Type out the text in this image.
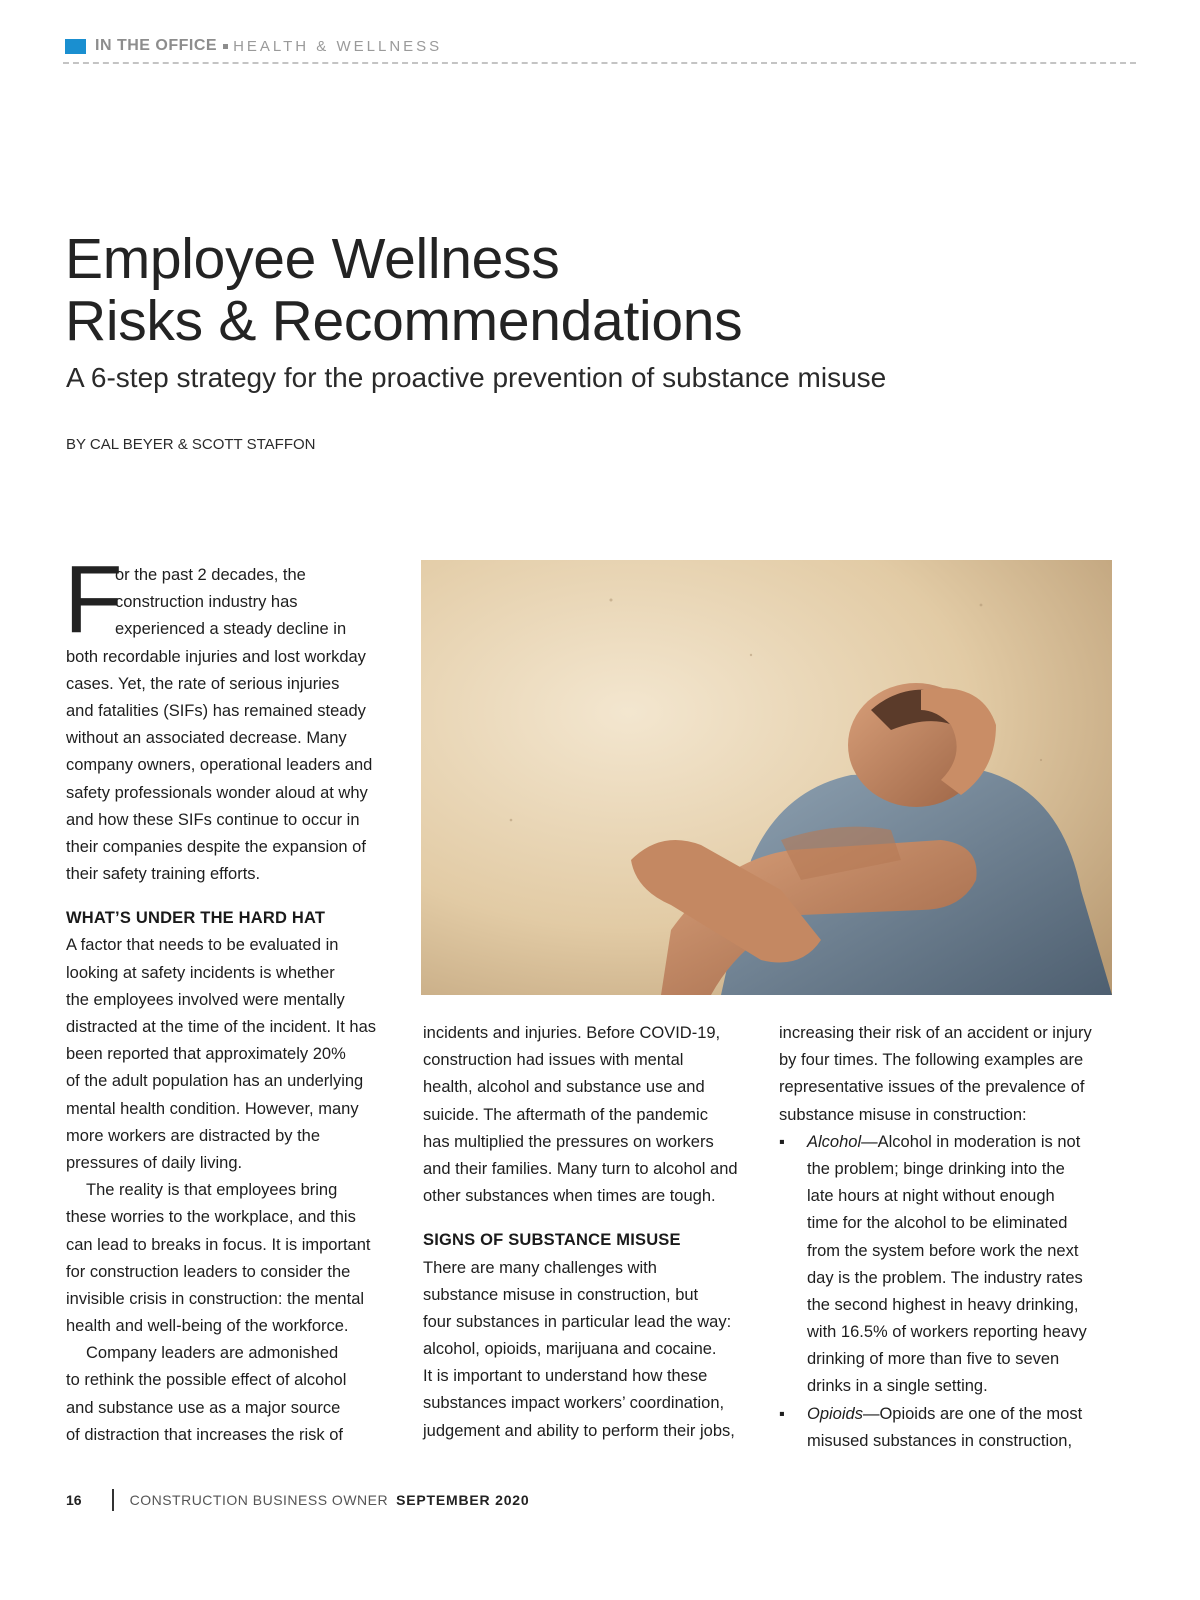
IN THE OFFICE HEALTH & WELLNESS
Employee Wellness
Risks & Recommendations
A 6-step strategy for the proactive prevention of substance misuse
BY CAL BEYER & SCOTT STAFFON
F
or the past 2 decades, the
construction industry has
experienced a steady decline in
both recordable injuries and lost workday
cases. Yet, the rate of serious injuries
and fatalities (SIFs) has remained steady
without an associated decrease. Many
company owners, operational leaders and
safety professionals wonder aloud at why
and how these SIFs continue to occur in
their companies despite the expansion of
their safety training efforts.
WHAT’S UNDER THE HARD HAT
A factor that needs to be evaluated in
looking at safety incidents is whether
the employees involved were mentally
distracted at the time of the incident. It has
been reported that approximately 20%
of the adult population has an underlying
mental health condition. However, many
more workers are distracted by the
pressures of daily living.
The reality is that employees bring
these worries to the workplace, and this
can lead to breaks in focus. It is important
for construction leaders to consider the
invisible crisis in construction: the mental
health and well-being of the workforce.
Company leaders are admonished
to rethink the possible effect of alcohol
and substance use as a major source
of distraction that increases the risk of
incidents and injuries. Before COVID-19,
construction had issues with mental
health, alcohol and substance use and
suicide. The aftermath of the pandemic
has multiplied the pressures on workers
and their families. Many turn to alcohol and
other substances when times are tough.
SIGNS OF SUBSTANCE MISUSE
There are many challenges with
substance misuse in construction, but
four substances in particular lead the way:
alcohol, opioids, marijuana and cocaine.
It is important to understand how these
substances impact workers’ coordination,
judgement and ability to perform their jobs,
increasing their risk of an accident or injury
by four times. The following examples are
representative issues of the prevalence of
substance misuse in construction:
▪ Alcohol—Alcohol in moderation is not
the problem; binge drinking into the
late hours at night without enough
time for the alcohol to be eliminated
from the system before work the next
day is the problem. The industry rates
the second highest in heavy drinking,
with 16.5% of workers reporting heavy
drinking of more than five to seven
drinks in a single setting.
▪ Opioids—Opioids are one of the most
misused substances in construction,
16	CONSTRUCTION BUSINESS OWNER SEPTEMBER 2020
